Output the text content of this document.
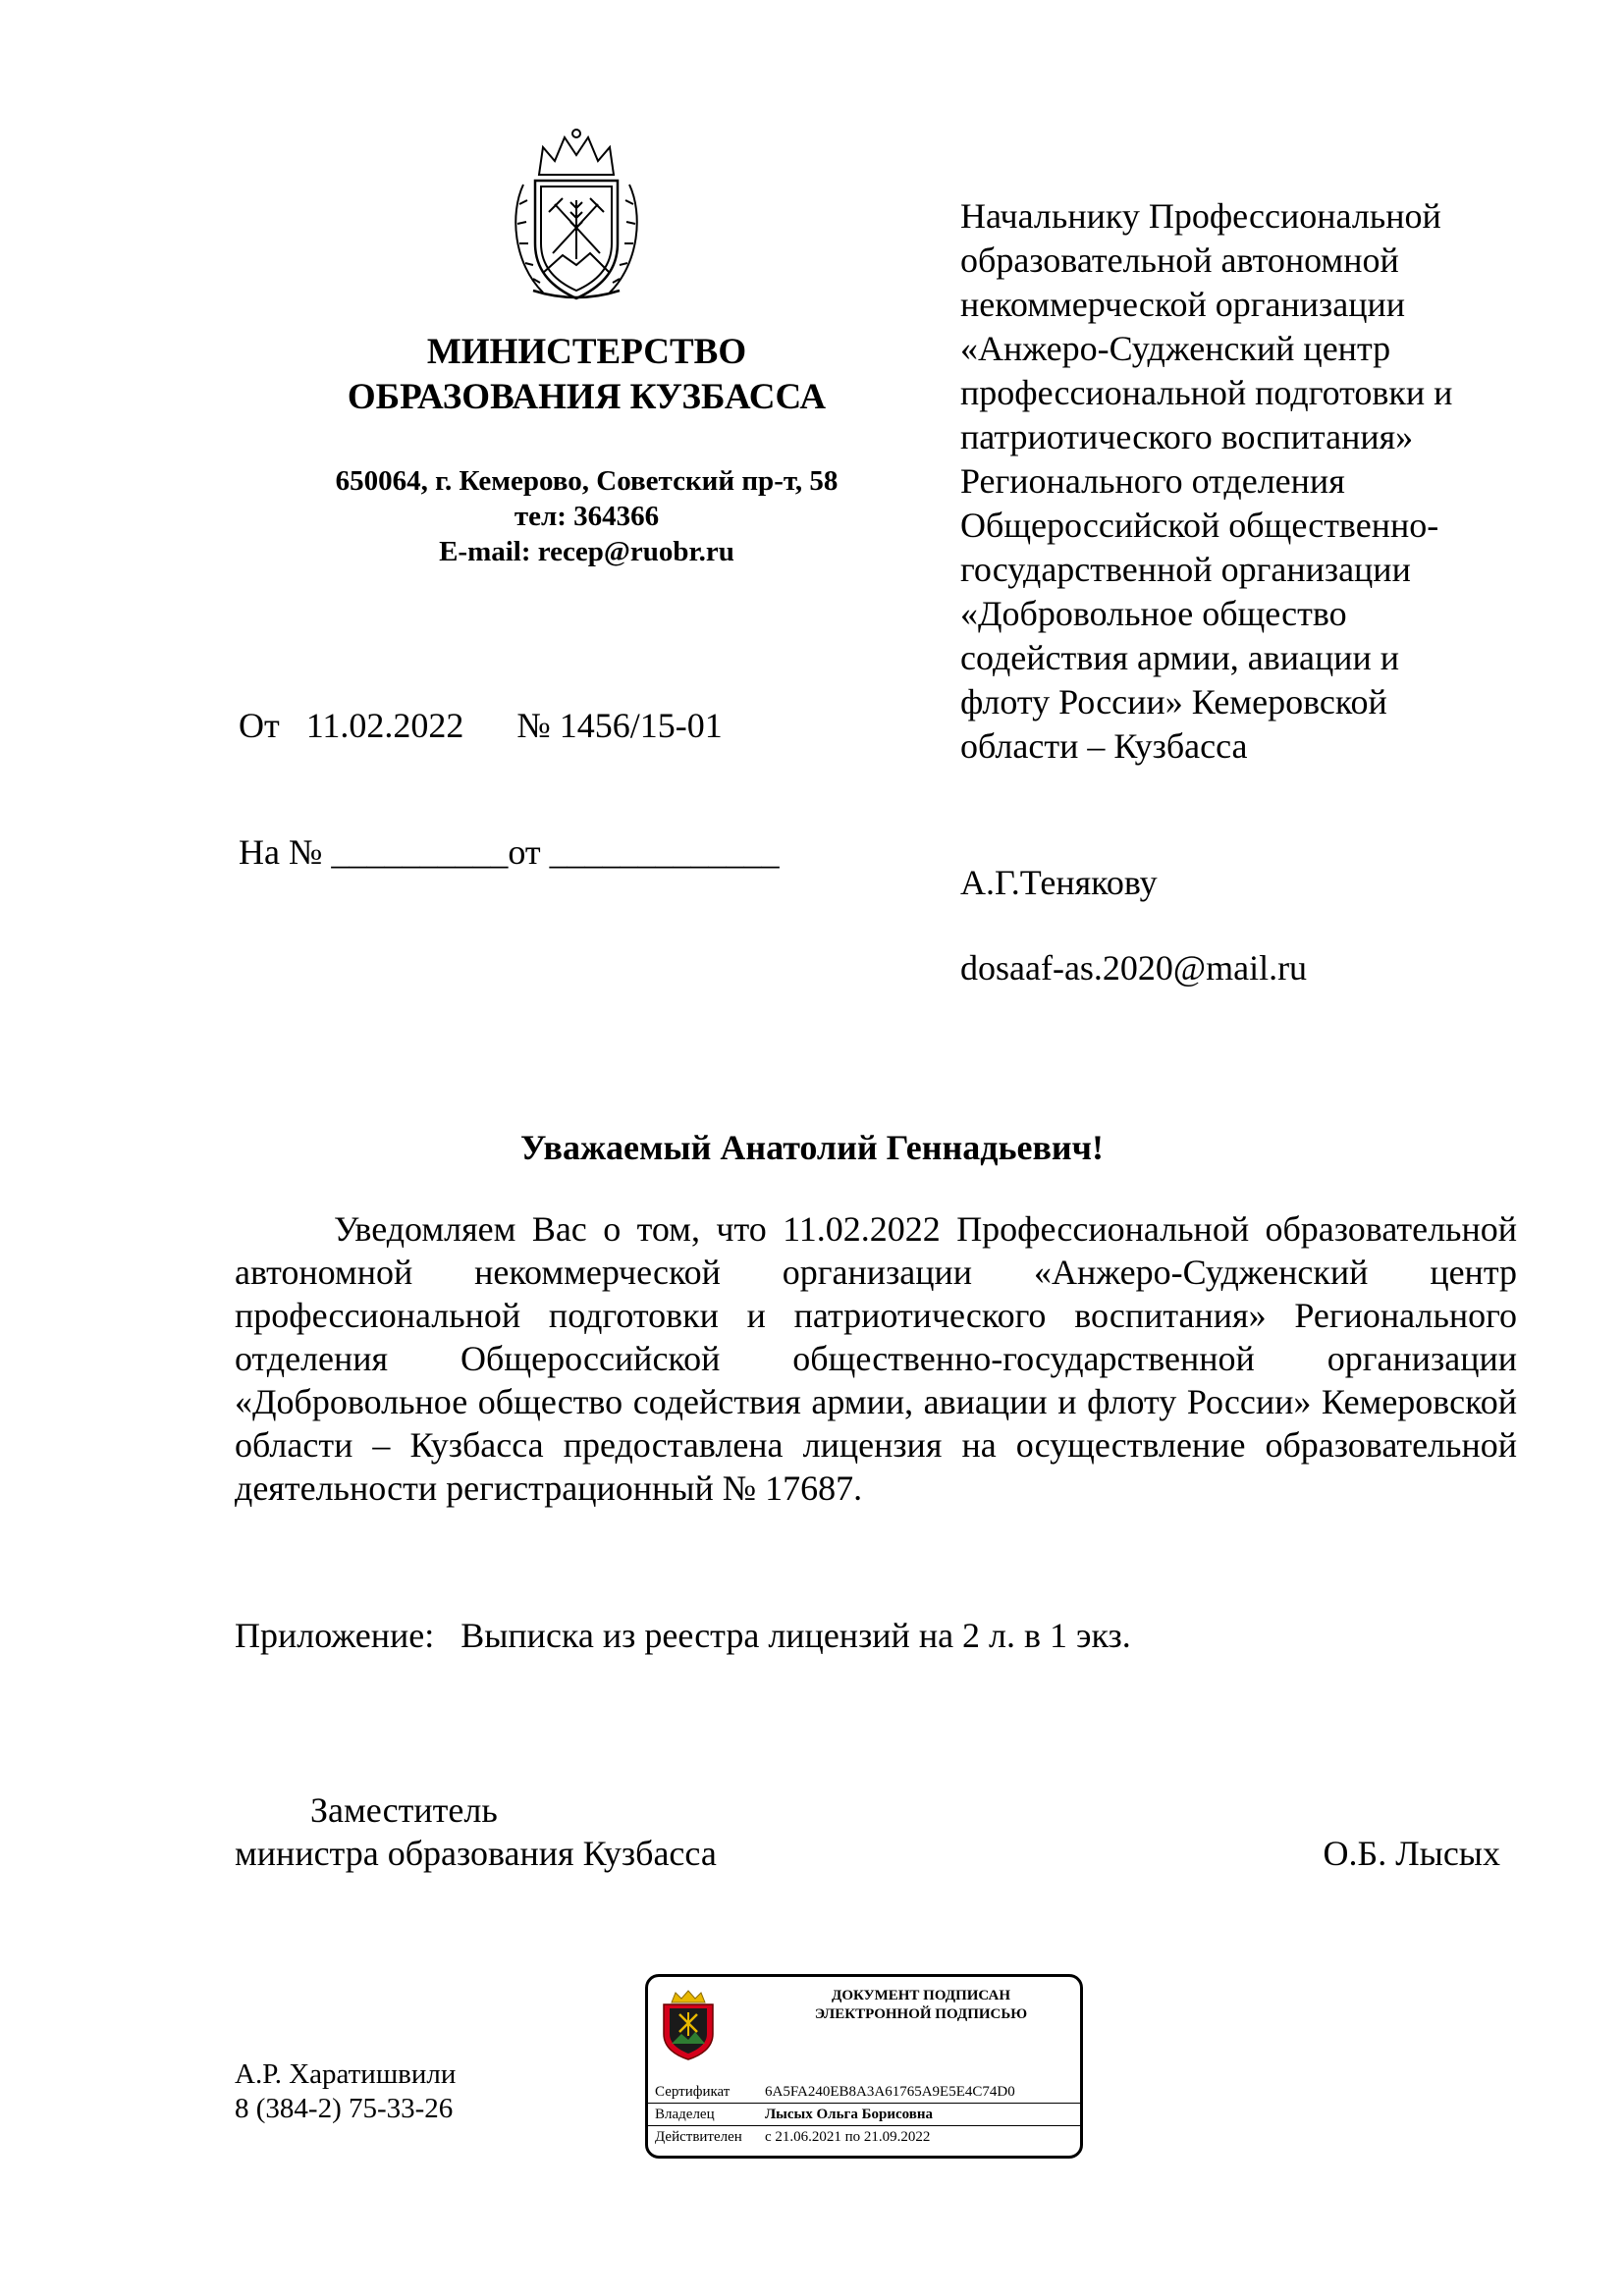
МИНИСТЕРСТВО
ОБРАЗОВАНИЯ КУЗБАССА
650064, г. Кемерово, Советский пр-т, 58
тел: 364366
E-mail: recep@ruobr.ru

От   11.02.2022      № 1456/15-01

На № __________от _____________

Начальнику Профессиональной
образовательной автономной
некоммерческой организации
«Анжеро-Судженский центр
профессиональной подготовки и
патриотического воспитания»
Регионального отделения
Общероссийской общественно-
государственной организации
«Добровольное общество
содействия армии, авиации и
флоту России» Кемеровской
области – Кузбасса
А.Г.Тенякову
dosaaf-as.2020@mail.ru
Уважаемый Анатолий Геннадьевич!
Уведомляем Вас о том, что 11.02.2022 Профессиональной образовательной автономной некоммерческой организации «Анжеро-Судженский центр профессиональной подготовки и патриотического воспитания» Регионального отделения Общероссийской общественно-государственной организации «Добровольное общество содействия армии, авиации и флоту России» Кемеровской области – Кузбасса предоставлена лицензия на осуществление образовательной деятельности регистрационный № 17687.
Приложение:   Выписка из реестра лицензий на 2 л. в 1 экз.
Заместитель
министра образования Кузбасса	О.Б. Лысых
ДОКУМЕНТ ПОДПИСАН
ЭЛЕКТРОННОЙ ПОДПИСЬЮ
Сертификат	6A5FA240EB8A3A61765A9E5E4C74D0
Владелец	Лысых Ольга Борисовна
Действителен	с 21.06.2021 по 21.09.2022
А.Р. Харатишвили
8 (384-2) 75-33-26
